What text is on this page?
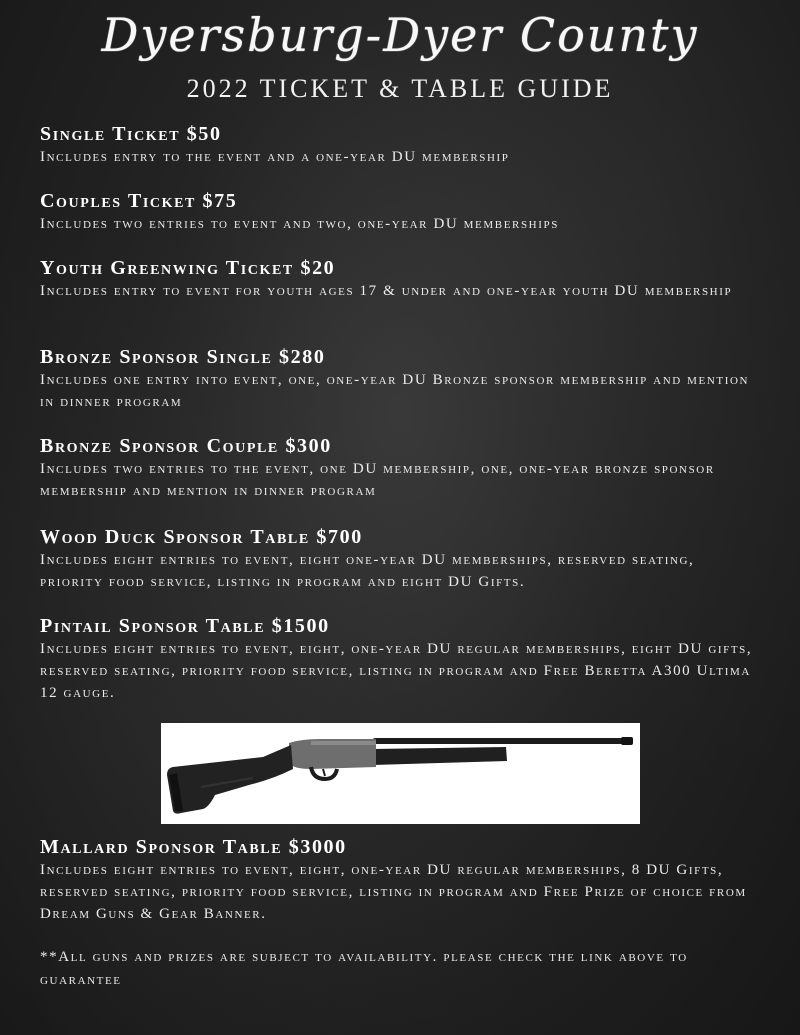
Dyersburg-Dyer County
2022 TICKET & TABLE GUIDE
Single Ticket $50
Includes entry to the event and a one-year DU membership
Couples Ticket $75
Includes two entries to event and two, one-year DU memberships
Youth Greenwing Ticket $20
Includes entry to event for youth ages 17 & under and one-year youth DU membership
Bronze Sponsor Single $280
Includes one entry into event, one, one-year DU Bronze sponsor membership and mention in dinner program
Bronze Sponsor Couple $300
Includes two entries to the event, one DU membership, one, one-year bronze sponsor membership and mention in dinner program
Wood Duck Sponsor Table $700
Includes eight entries to event, eight one-year DU memberships, reserved seating, priority food service, listing in program and eight DU Gifts.
Pintail Sponsor Table $1500
Includes eight entries to event, eight, one-year DU regular memberships, eight DU gifts, reserved seating, priority food service, listing in program and Free Beretta A300 Ultima 12 gauge.
Mallard Sponsor Table $3000
Includes eight entries to event, eight, one-year DU regular memberships, 8 DU Gifts, reserved seating, priority food service, listing in program and Free Prize of choice from Dream Guns & Gear Banner.
**All guns and prizes are subject to availability. please check the link above to guarantee
